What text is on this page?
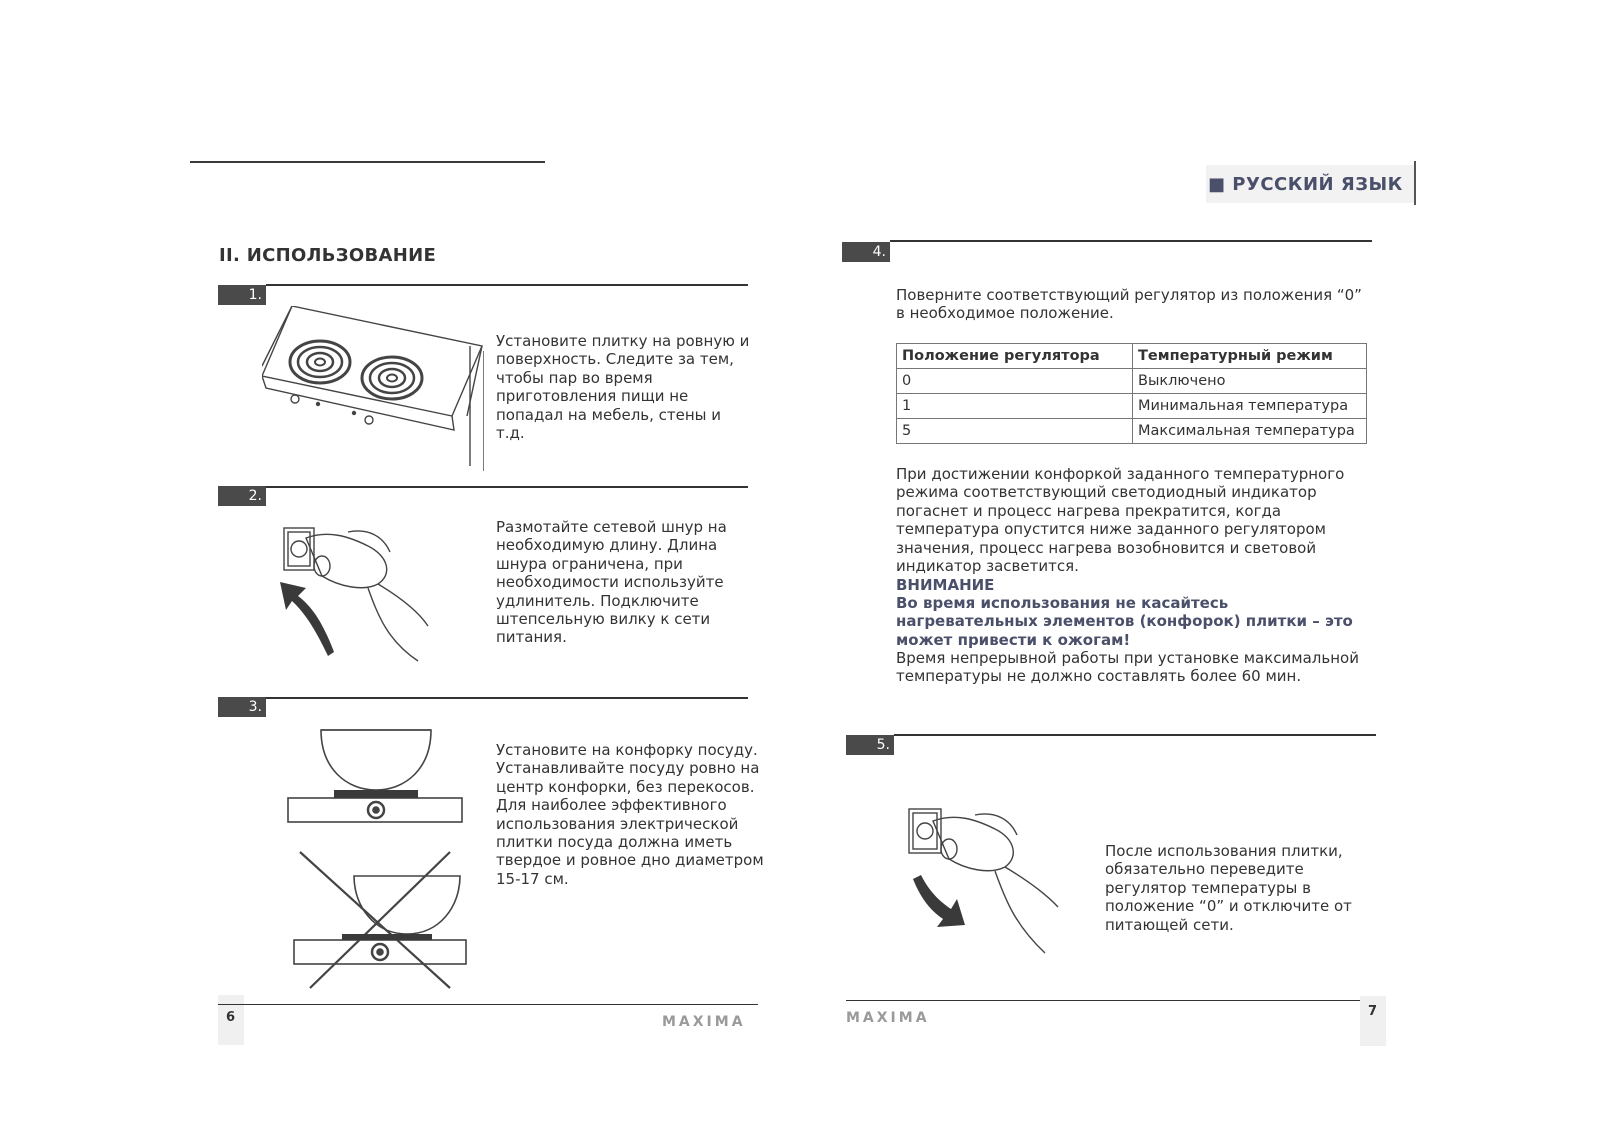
II. ИСПОЛЬЗОВАНИЕ
1.
Установите плитку на ровную и поверхность. Следите за тем, чтобы пар во время приготовления пищи не попадал на мебель, стены и т.д.
2.
Размотайте сетевой шнур на необходимую длину. Длина шнура ограничена, при необходимости используйте удлинитель. Подключите штепсельную вилку к сети питания.
3.
Установите на конфорку посуду. Устанавливайте посуду ровно на центр конфорки, без перекосов. Для наиболее эффективного использования электрической плитки посуда должна иметь твердое и ровное дно диаметром 15-17 см.
6	MAXIMA
■ РУССКИЙ ЯЗЫК
4.
Поверните соответствующий регулятор из положения “0” в необходимое положение.
Положение регулятора	Температурный режим
0	Выключено
1	Минимальная температура
5	Максимальная температура
При достижении конфоркой заданного температурного режима соответствующий светодиодный индикатор погаснет и процесс нагрева прекратится, когда температура опустится ниже заданного регулятором значения, процесс нагрева возобновится и световой индикатор засветится.
ВНИМАНИЕ
Во время использования не касайтесь нагревательных элементов (конфорок) плитки – это может привести к ожогам!
Время непрерывной работы при установке максимальной температуры не должно составлять более 60 мин.
5.
После использования плитки, обязательно переведите регулятор температуры в положение “0” и отключите от питающей сети.
MAXIMA	7
